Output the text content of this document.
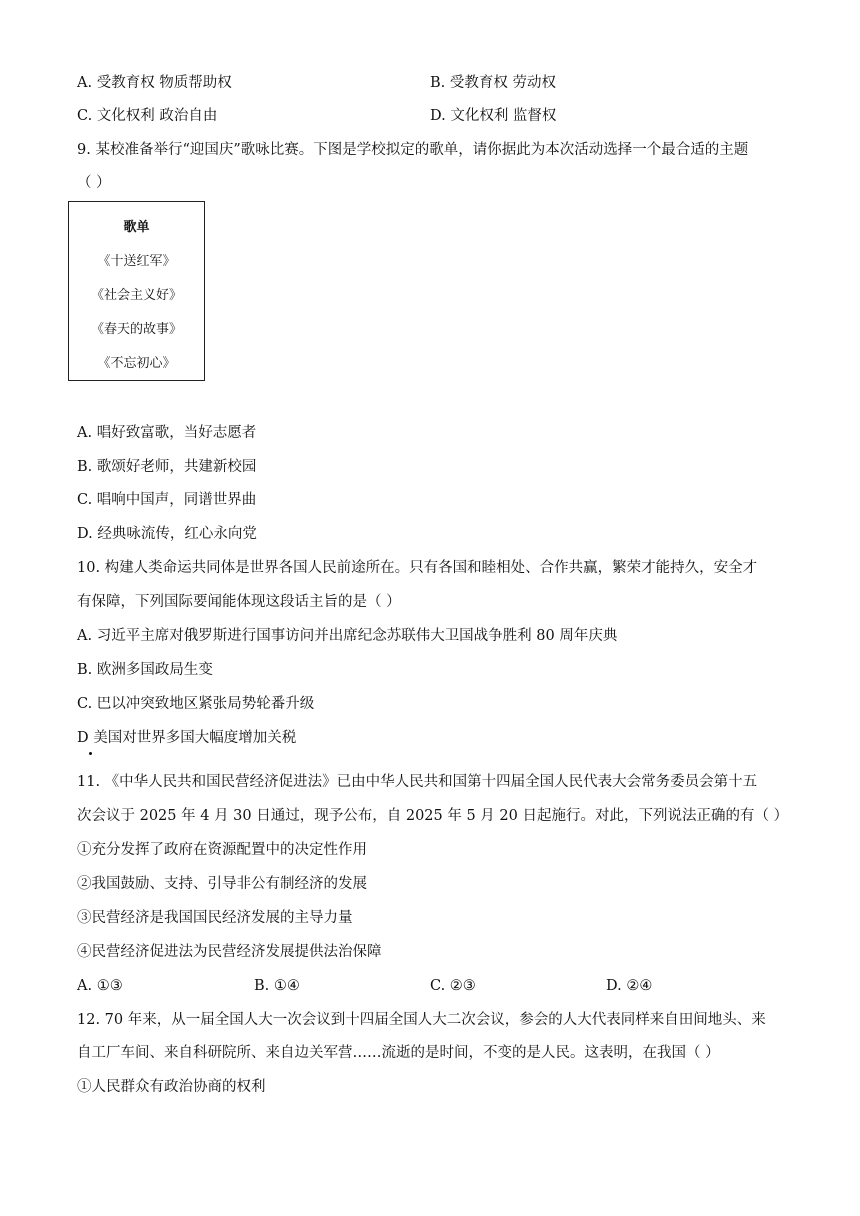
A. 受教育权 物质帮助权	B. 受教育权 劳动权
C. 文化权利 政治自由	D. 文化权利 监督权
9. 某校准备举行“迎国庆”歌咏比赛。下图是学校拟定的歌单，请你据此为本次活动选择一个最合适的主题
（ ）
歌单
《十送红军》
《社会主义好》
《春天的故事》
《不忘初心》
A. 唱好致富歌，当好志愿者
B. 歌颂好老师，共建新校园
C. 唱响中国声，同谱世界曲
D. 经典咏流传，红心永向党
10. 构建人类命运共同体是世界各国人民前途所在。只有各国和睦相处、合作共赢，繁荣才能持久，安全才
有保障，下列国际要闻能体现这段话主旨的是（ ）
A. 习近平主席对俄罗斯进行国事访问并出席纪念苏联伟大卫国战争胜利 80 周年庆典
B. 欧洲多国政局生变
C. 巴以冲突致地区紧张局势轮番升级
D 美国对世界多国大幅度增加关税
11. 《中华人民共和国民营经济促进法》已由中华人民共和国第十四届全国人民代表大会常务委员会第十五
次会议于 2025 年 4 月 30 日通过，现予公布，自 2025 年 5 月 20 日起施行。对此，下列说法正确的有（ ）
①充分发挥了政府在资源配置中的决定性作用
②我国鼓励、支持、引导非公有制经济的发展
③民营经济是我国国民经济发展的主导力量
④民营经济促进法为民营经济发展提供法治保障
A. ①③	B. ①④	C. ②③	D. ②④
12. 70 年来，从一届全国人大一次会议到十四届全国人大二次会议，参会的人大代表同样来自田间地头、来
自工厂车间、来自科研院所、来自边关军营……流逝的是时间，不变的是人民。这表明，在我国（ ）
①人民群众有政治协商的权利
